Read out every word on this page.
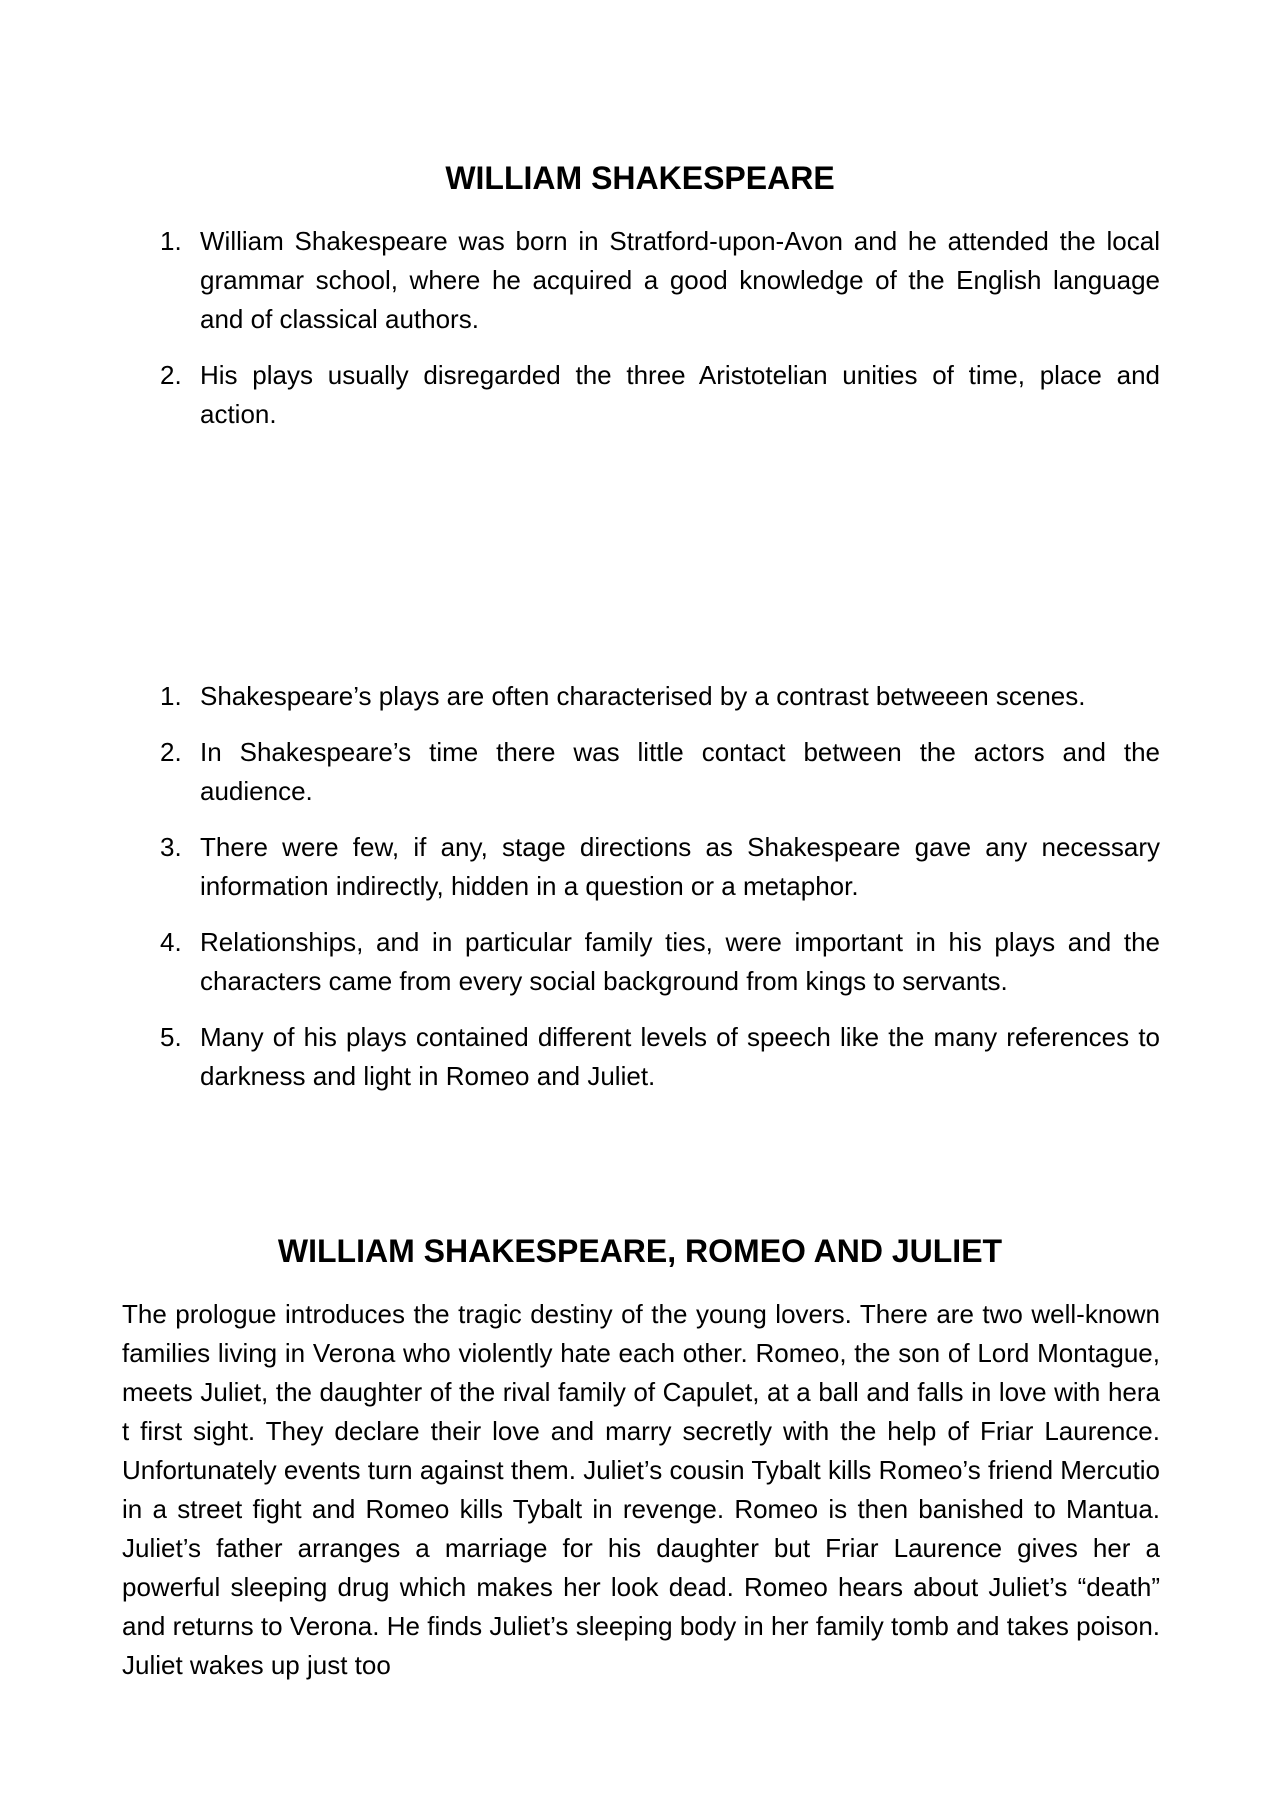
WILLIAM SHAKESPEARE
1. William Shakespeare was born in Stratford-upon-Avon and he attended the local grammar school, where he acquired a good knowledge of the English language and of classical authors.
2. His plays usually disregarded the three Aristotelian unities of time, place and action.
1. Shakespeare’s plays are often characterised by a contrast betweeen scenes.
2. In Shakespeare’s time there was little contact between the actors and the audience.
3. There were few, if any, stage directions as Shakespeare gave any necessary information indirectly, hidden in a question or a metaphor.
4. Relationships, and in particular family ties, were important in his plays and the characters came from every social background from kings to servants.
5. Many of his plays contained different levels of speech like the many references to darkness and light in Romeo and Juliet.
WILLIAM SHAKESPEARE, ROMEO AND JULIET

The prologue introduces the tragic destiny of the young lovers. There are two well-known families living in Verona who violently hate each other. Romeo, the son of Lord Montague, meets Juliet, the daughter of the rival family of Capulet, at a ball and falls in love with hera t first sight. They declare their love and marry secretly with the help of Friar Laurence. Unfortunately events turn against them. Juliet’s cousin Tybalt kills Romeo’s friend Mercutio in a street fight and Romeo kills Tybalt in revenge. Romeo is then banished to Mantua. Juliet’s father arranges a marriage for his daughter but Friar Laurence gives her a powerful sleeping drug which makes her look dead. Romeo hears about Juliet’s “death” and returns to Verona. He finds Juliet’s sleeping body in her family tomb and takes poison. Juliet wakes up just too
